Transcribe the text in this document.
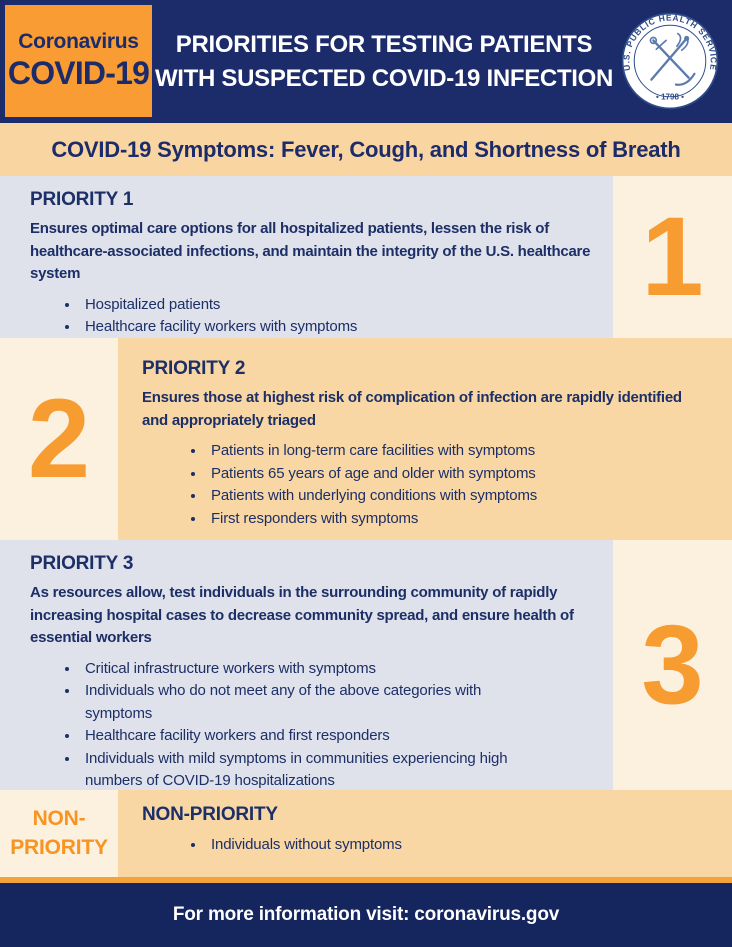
Coronavirus
COVID-19
PRIORITIES FOR TESTING PATIENTS
WITH SUSPECTED COVID-19 INFECTION U.S. PUBLIC HEALTH SERVICE
• 1798 •
COVID-19 Symptoms: Fever, Cough, and Shortness of Breath
PRIORITY 1

Ensures optimal care options for all hospitalized patients, lessen the risk of healthcare-associated infections, and maintain the integrity of the U.S. healthcare system

• Hospitalized patients
• Healthcare facility workers with symptoms
1
2
PRIORITY 2

Ensures those at highest risk of complication of infection are rapidly identified and appropriately triaged

• Patients in long-term care facilities with symptoms
• Patients 65 years of age and older with symptoms
• Patients with underlying conditions with symptoms
• First responders with symptoms
PRIORITY 3

As resources allow, test individuals in the surrounding community of rapidly increasing hospital cases to decrease community spread, and ensure health of essential workers

• Critical infrastructure workers with symptoms
• Individuals who do not meet any of the above categories with symptoms
• Healthcare facility workers and first responders
• Individuals with mild symptoms in communities experiencing high numbers of COVID-19 hospitalizations
3
NON-
PRIORITY
NON-PRIORITY
• Individuals without symptoms
For more information visit: coronavirus.gov
